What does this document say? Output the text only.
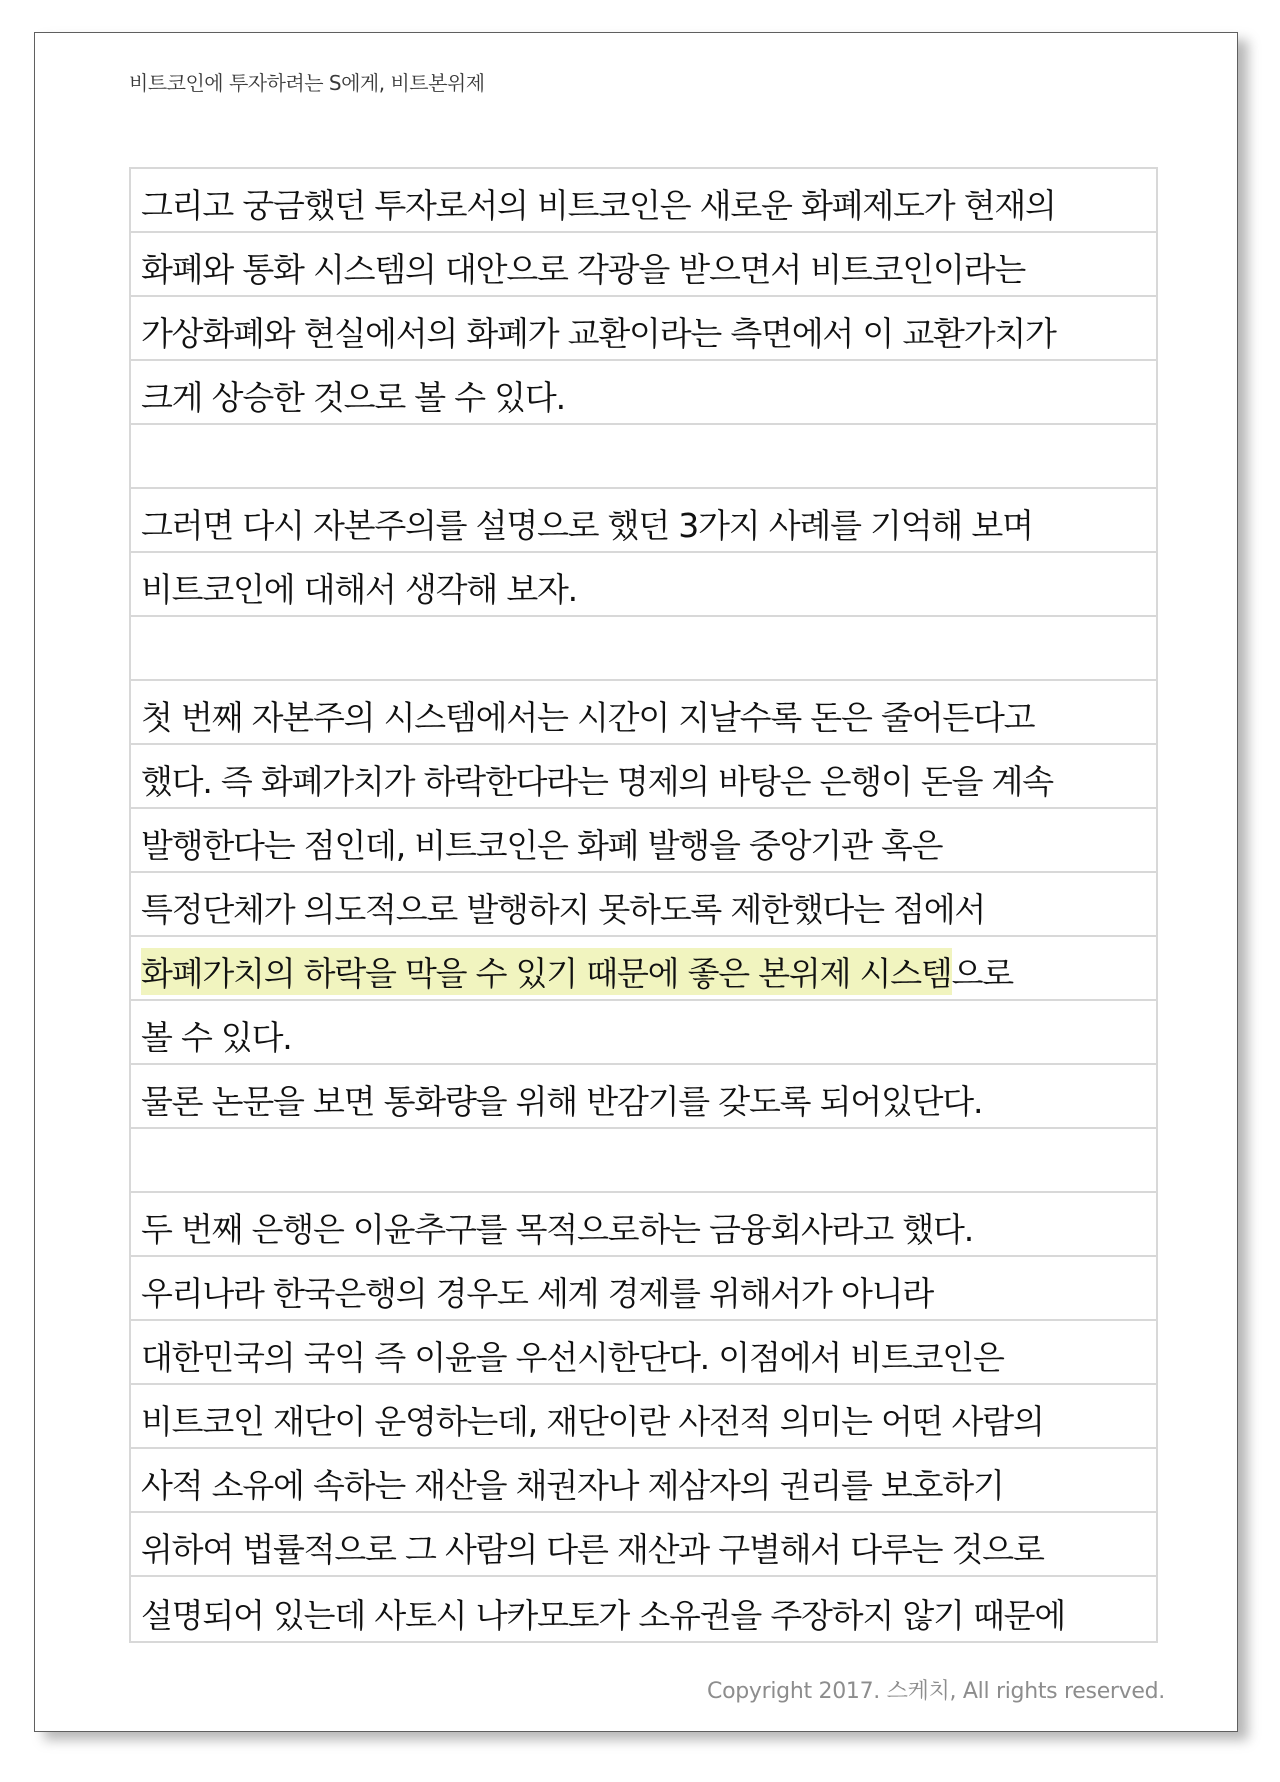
비트코인에 투자하려는 S에게, 비트본위제
그리고 궁금했던 투자로서의 비트코인은 새로운 화폐제도가 현재의
화폐와 통화 시스템의 대안으로 각광을 받으면서 비트코인이라는
가상화폐와 현실에서의 화폐가 교환이라는 측면에서 이 교환가치가
크게 상승한 것으로 볼 수 있다.
그러면 다시 자본주의를 설명으로 했던 3가지 사례를 기억해 보며
비트코인에 대해서 생각해 보자.
첫 번째 자본주의 시스템에서는 시간이 지날수록 돈은 줄어든다고
했다. 즉 화폐가치가 하락한다라는 명제의 바탕은 은행이 돈을 계속
발행한다는 점인데, 비트코인은 화폐 발행을 중앙기관 혹은
특정단체가 의도적으로 발행하지 못하도록 제한했다는 점에서
화폐가치의 하락을 막을 수 있기 때문에 좋은 본위제 시스템 으로
볼 수 있다.
물론 논문을 보면 통화량을 위해 반감기를 갖도록 되어있단다.
두 번째 은행은 이윤추구를 목적으로하는 금융회사라고 했다.
우리나라 한국은행의 경우도 세계 경제를 위해서가 아니라
대한민국의 국익 즉 이윤을 우선시한단다. 이점에서 비트코인은
비트코인 재단이 운영하는데, 재단이란 사전적 의미는 어떤 사람의
사적 소유에 속하는 재산을 채권자나 제삼자의 권리를 보호하기
위하여 법률적으로 그 사람의 다른 재산과 구별해서 다루는 것으로
설명되어 있는데 사토시 나카모토가 소유권을 주장하지 않기 때문에
Copyright 2017. 스케치, All rights reserved.
